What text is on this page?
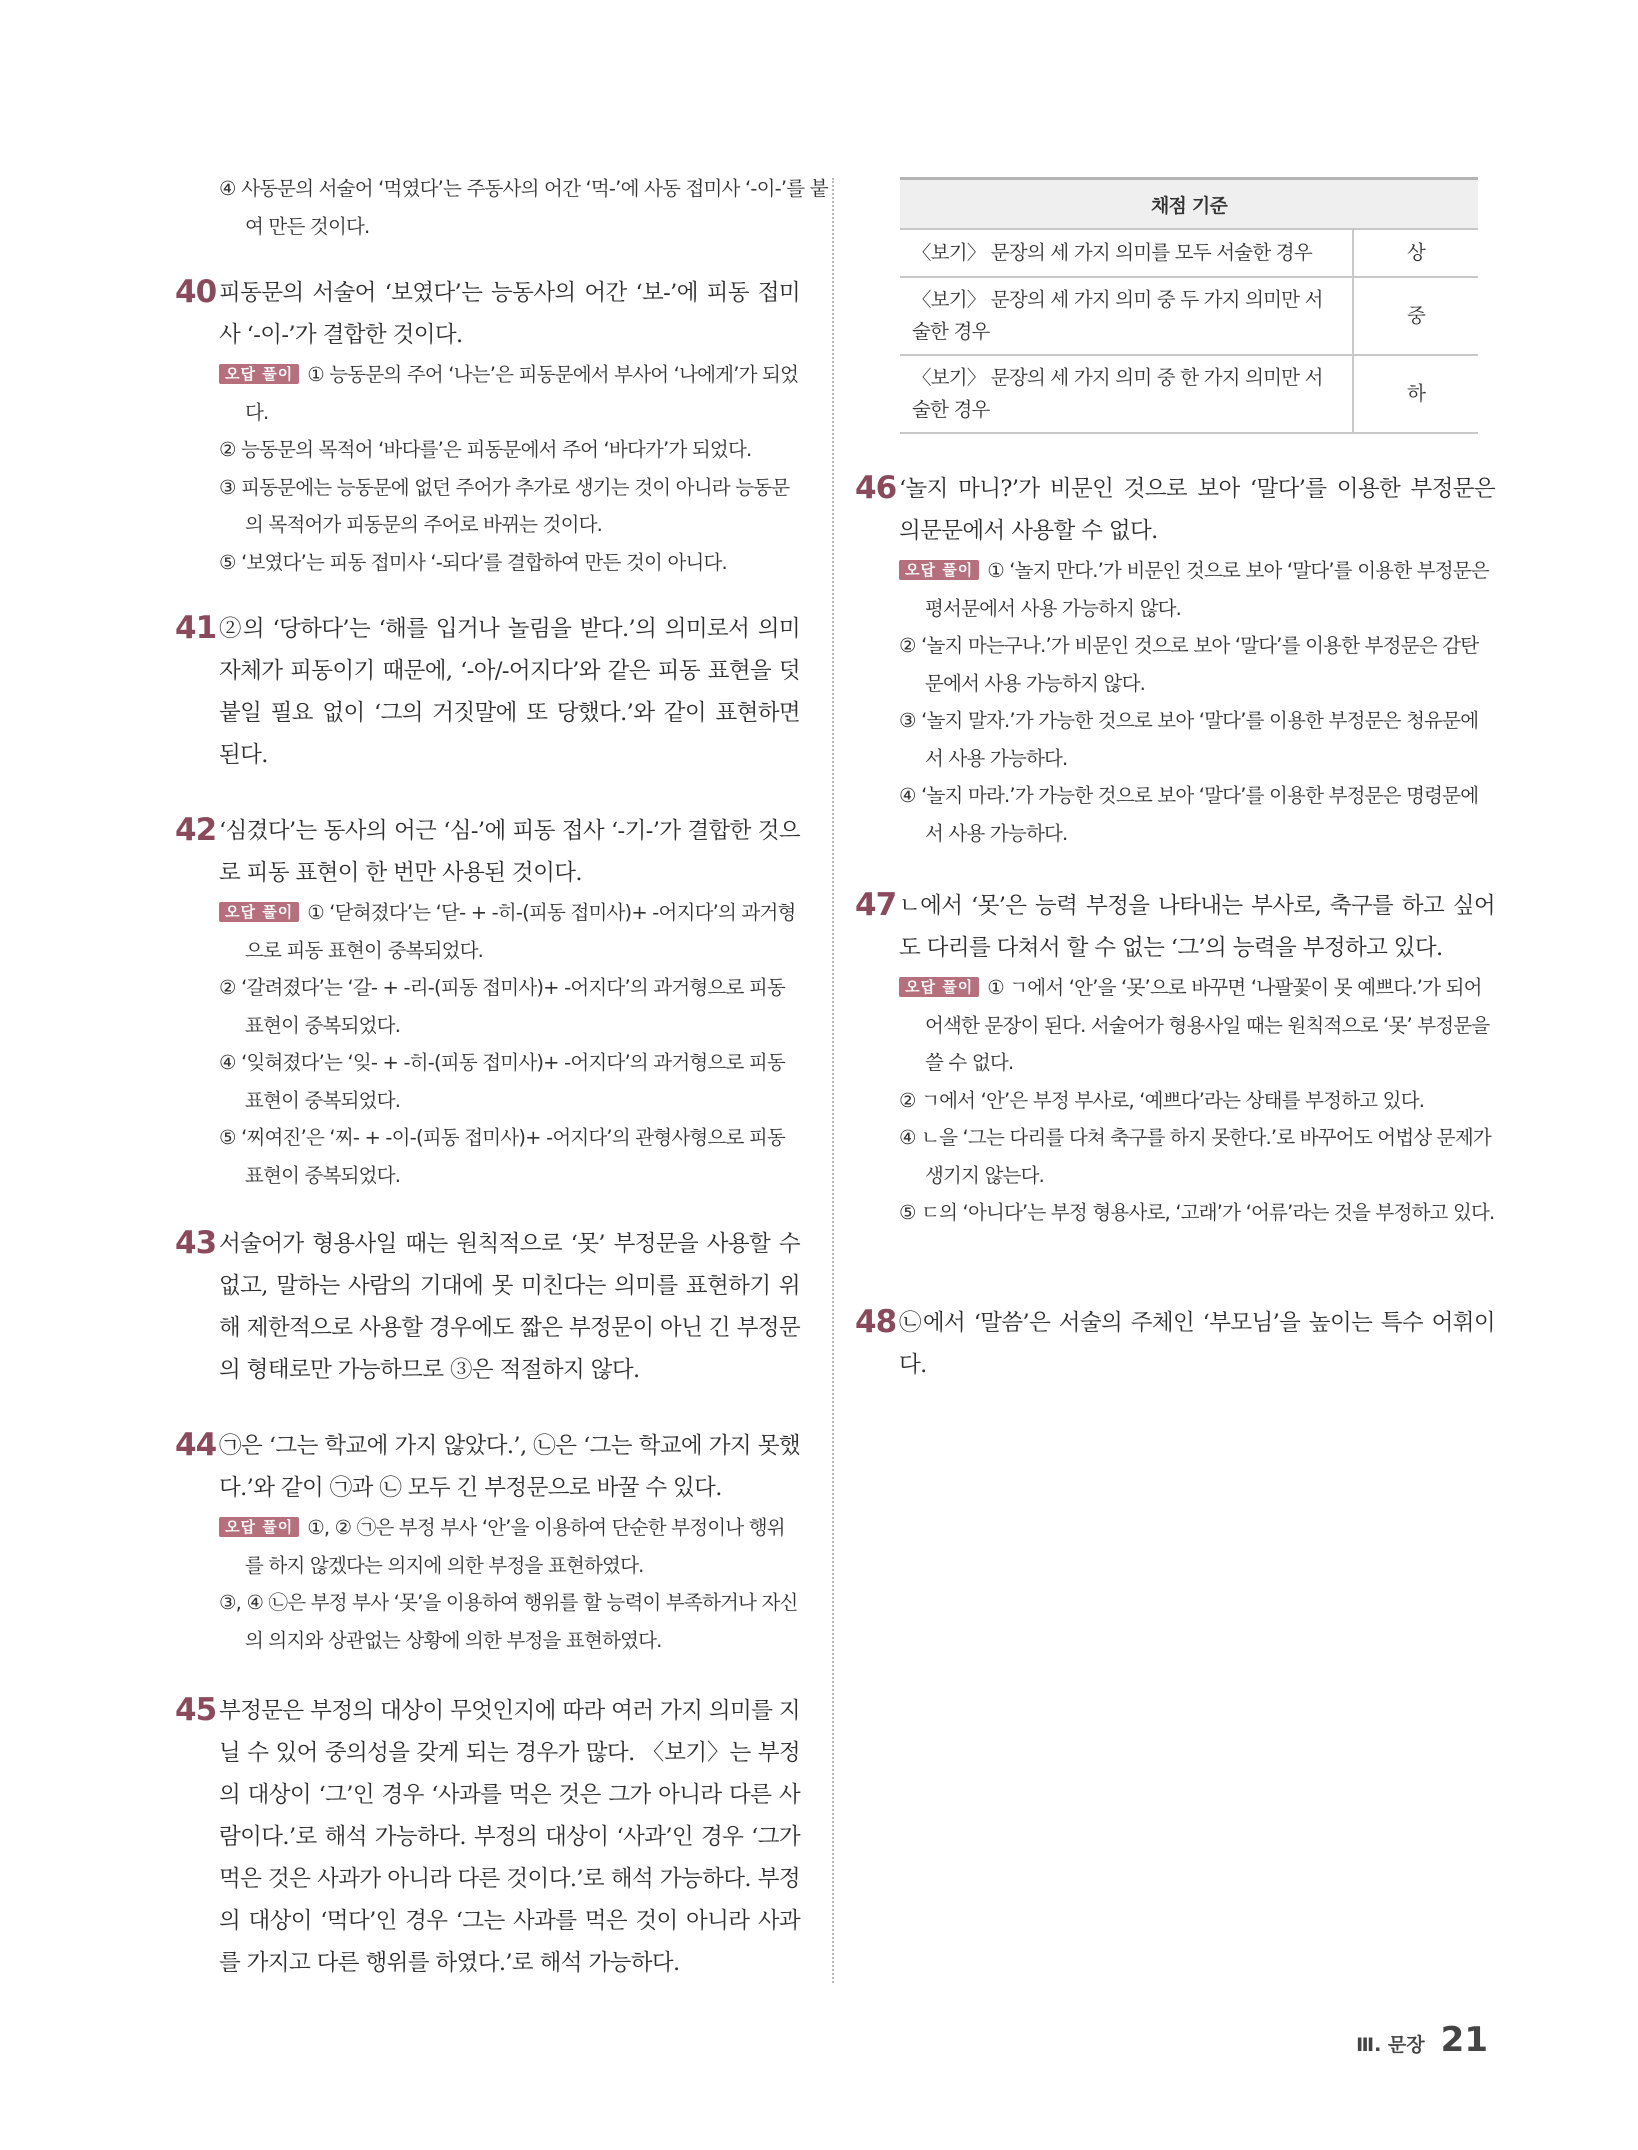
④ 사동문의 서술어 ‘먹였다’는 주동사의 어간 ‘먹-’에 사동 접미사 ‘-이-’를 붙여 만든 것이다.

40 피동문의 서술어 ‘보였다’는 능동사의 어간 ‘보-’에 피동 접미사 ‘-이-’가 결합한 것이다.

오답 풀이 ① 능동문의 주어 ‘나는’은 피동문에서 부사어 ‘나에게’가 되었다.

② 능동문의 목적어 ‘바다를’은 피동문에서 주어 ‘바다가’가 되었다.

③ 피동문에는 능동문에 없던 주어가 추가로 생기는 것이 아니라 능동문의 목적어가 피동문의 주어로 바뀌는 것이다.

⑤ ‘보였다’는 피동 접미사 ‘-되다’를 결합하여 만든 것이 아니다.

41 ②의 ‘당하다’는 ‘해를 입거나 놀림을 받다.’의 의미로서 의미 자체가 피동이기 때문에, ‘-아/-어지다’와 같은 피동 표현을 덧붙일 필요 없이 ‘그의 거짓말에 또 당했다.’와 같이 표현하면 된다.
42 ‘심겼다’는 동사의 어근 ‘심-’에 피동 접사 ‘-기-’가 결합한 것으로 피동 표현이 한 번만 사용된 것이다.

오답 풀이 ① ‘닫혀졌다’는 ‘닫- + -히-(피동 접미사)+ -어지다’의 과거형으로 피동 표현이 중복되었다.

② ‘갈려졌다’는 ‘갈- + -리-(피동 접미사)+ -어지다’의 과거형으로 피동 표현이 중복되었다.

④ ‘잊혀졌다’는 ‘잊- + -히-(피동 접미사)+ -어지다’의 과거형으로 피동 표현이 중복되었다.

⑤ ‘찌여진’은 ‘찌- + -이-(피동 접미사)+ -어지다’의 관형사형으로 피동 표현이 중복되었다.

43 서술어가 형용사일 때는 원칙적으로 ‘못’ 부정문을 사용할 수 없고, 말하는 사람의 기대에 못 미친다는 의미를 표현하기 위해 제한적으로 사용할 경우에도 짧은 부정문이 아닌 긴 부정문의 형태로만 가능하므로 ③은 적절하지 않다.
44 ㉠은 ‘그는 학교에 가지 않았다.’, ㉡은 ‘그는 학교에 가지 못했다.’와 같이 ㉠과 ㉡ 모두 긴 부정문으로 바꿀 수 있다.

오답 풀이 ①, ② ㉠은 부정 부사 ‘안’을 이용하여 단순한 부정이나 행위를 하지 않겠다는 의지에 의한 부정을 표현하였다.

③, ④ ㉡은 부정 부사 ‘못’을 이용하여 행위를 할 능력이 부족하거나 자신의 의지와 상관없는 상황에 의한 부정을 표현하였다.

45 부정문은 부정의 대상이 무엇인지에 따라 여러 가지 의미를 지닐 수 있어 중의성을 갖게 되는 경우가 많다. 〈보기〉는 부정의 대상이 ‘그’인 경우 ‘사과를 먹은 것은 그가 아니라 다른 사람이다.’로 해석 가능하다. 부정의 대상이 ‘사과’인 경우 ‘그가 먹은 것은 사과가 아니라 다른 것이다.’로 해석 가능하다. 부정의 대상이 ‘먹다’인 경우 ‘그는 사과를 먹은 것이 아니라 사과를 가지고 다른 행위를 하였다.’로 해석 가능하다.
채점 기준	
〈보기〉 문장의 세 가지 의미를 모두 서술한 경우	상
〈보기〉 문장의 세 가지 의미 중 두 가지 의미만 서술한 경우	중
〈보기〉 문장의 세 가지 의미 중 한 가지 의미만 서술한 경우	하
46 ‘놀지 마니?’가 비문인 것으로 보아 ‘말다’를 이용한 부정문은 의문문에서 사용할 수 없다.

오답 풀이 ① ‘놀지 만다.’가 비문인 것으로 보아 ‘말다’를 이용한 부정문은 평서문에서 사용 가능하지 않다.

② ‘놀지 마는구나.’가 비문인 것으로 보아 ‘말다’를 이용한 부정문은 감탄문에서 사용 가능하지 않다.

③ ‘놀지 말자.’가 가능한 것으로 보아 ‘말다’를 이용한 부정문은 청유문에서 사용 가능하다.

④ ‘놀지 마라.’가 가능한 것으로 보아 ‘말다’를 이용한 부정문은 명령문에서 사용 가능하다.

47 ㄴ에서 ‘못’은 능력 부정을 나타내는 부사로, 축구를 하고 싶어도 다리를 다쳐서 할 수 없는 ‘그’의 능력을 부정하고 있다.

오답 풀이 ① ㄱ에서 ‘안’을 ‘못’으로 바꾸면 ‘나팔꽃이 못 예쁘다.’가 되어 어색한 문장이 된다. 서술어가 형용사일 때는 원칙적으로 ‘못’ 부정문을 쓸 수 없다.

② ㄱ에서 ‘안’은 부정 부사로, ‘예쁘다’라는 상태를 부정하고 있다.

④ ㄴ을 ‘그는 다리를 다쳐 축구를 하지 못한다.’로 바꾸어도 어법상 문제가 생기지 않는다.

⑤ ㄷ의 ‘아니다’는 부정 형용사로, ‘고래’가 ‘어류’라는 것을 부정하고 있다.

48 ㉡에서 ‘말씀’은 서술의 주체인 ‘부모님’을 높이는 특수 어휘이다.
Ⅲ. 문장 21
